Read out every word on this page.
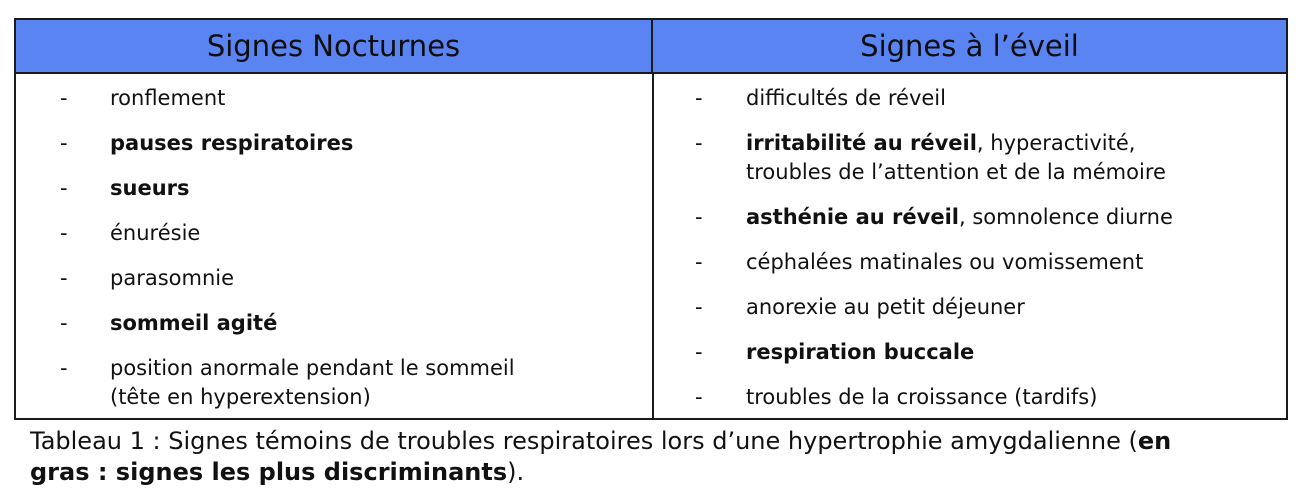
Signes Nocturnes	Signes à l’éveil
- ronflement
- pauses respiratoires
- sueurs
- énurésie
- parasomnie
- sommeil agité
- position anormale pendant le sommeil
(tête en hyperextension)
- difficultés de réveil
- irritabilité au réveil, hyperactivité,
troubles de l’attention et de la mémoire
- asthénie au réveil, somnolence diurne
- céphalées matinales ou vomissement
- anorexie au petit déjeuner
- respiration buccale
- troubles de la croissance (tardifs)
Tableau 1 : Signes témoins de troubles respiratoires lors d’une hypertrophie amygdalienne (en
gras : signes les plus discriminants).
